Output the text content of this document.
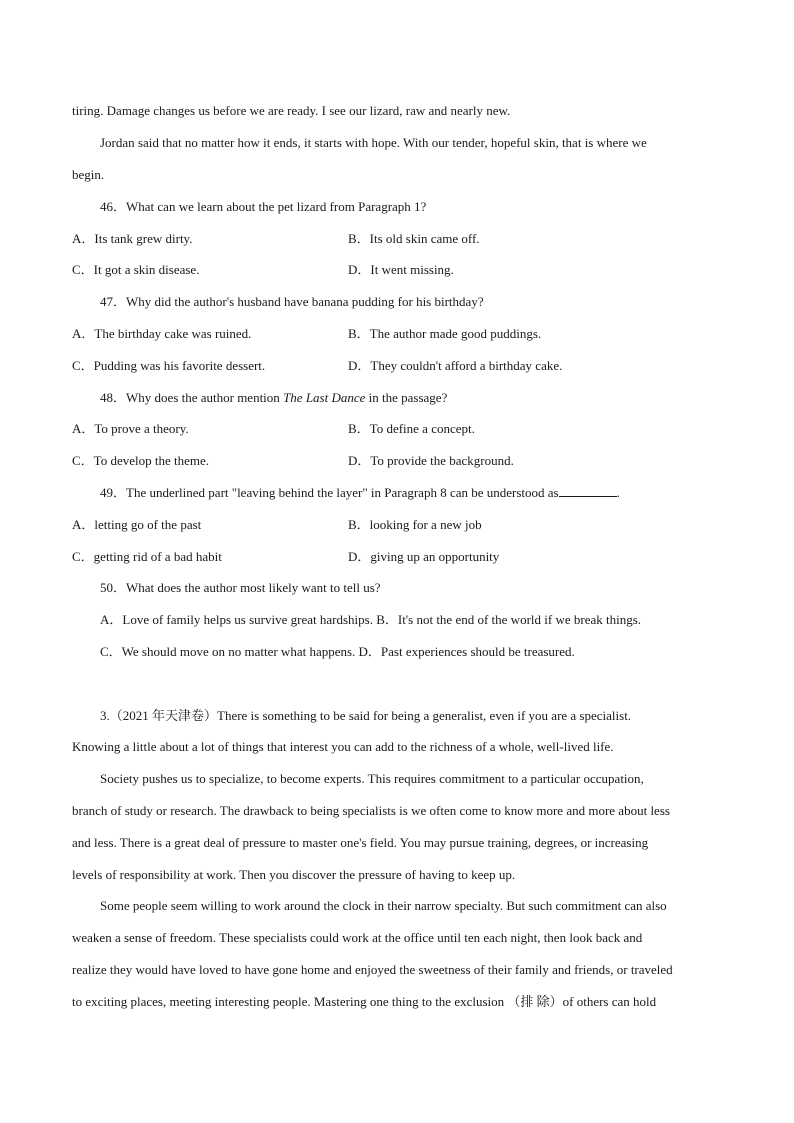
tiring. Damage changes us before we are ready. I see our lizard, raw and nearly new.
Jordan said that no matter how it ends, it starts with hope. With our tender, hopeful skin, that is where we
begin.
46．What can we learn about the pet lizard from Paragraph 1?
A．Its tank grew dirty.	B．Its old skin came off.
C．It got a skin disease.	D．It went missing.
47．Why did the author's husband have banana pudding for his birthday?
A．The birthday cake was ruined.	B．The author made good puddings.
C．Pudding was his favorite dessert.	D．They couldn't afford a birthday cake.
48．Why does the author mention The Last Dance in the passage?
A．To prove a theory.	B．To define a concept.
C．To develop the theme.	D．To provide the background.
49．The underlined part "leaving behind the layer" in Paragraph 8 can be understood as	.
A．letting go of the past	B．looking for a new job
C．getting rid of a bad habit	D．giving up an opportunity
50．What does the author most likely want to tell us?
A．Love of family helps us survive great hardships. B．It's not the end of the world if we break things.
C．We should move on no matter what happens. D．Past experiences should be treasured.
3.（2021 年天津卷）There is something to be said for being a generalist, even if you are a specialist.
Knowing a little about a lot of things that interest you can add to the richness of a whole, well-lived life.
Society pushes us to specialize, to become experts. This requires commitment to a particular occupation,
branch of study or research. The drawback to being specialists is we often come to know more and more about less
and less. There is a great deal of pressure to master one's field. You may pursue training, degrees, or increasing
levels of responsibility at work. Then you discover the pressure of having to keep up.
Some people seem willing to work around the clock in their narrow specialty. But such commitment can also
weaken a sense of freedom. These specialists could work at the office until ten each night, then look back and
realize they would have loved to have gone home and enjoyed the sweetness of their family and friends, or traveled
to exciting places, meeting interesting people. Mastering one thing to the exclusion （排 除）of others can hold
